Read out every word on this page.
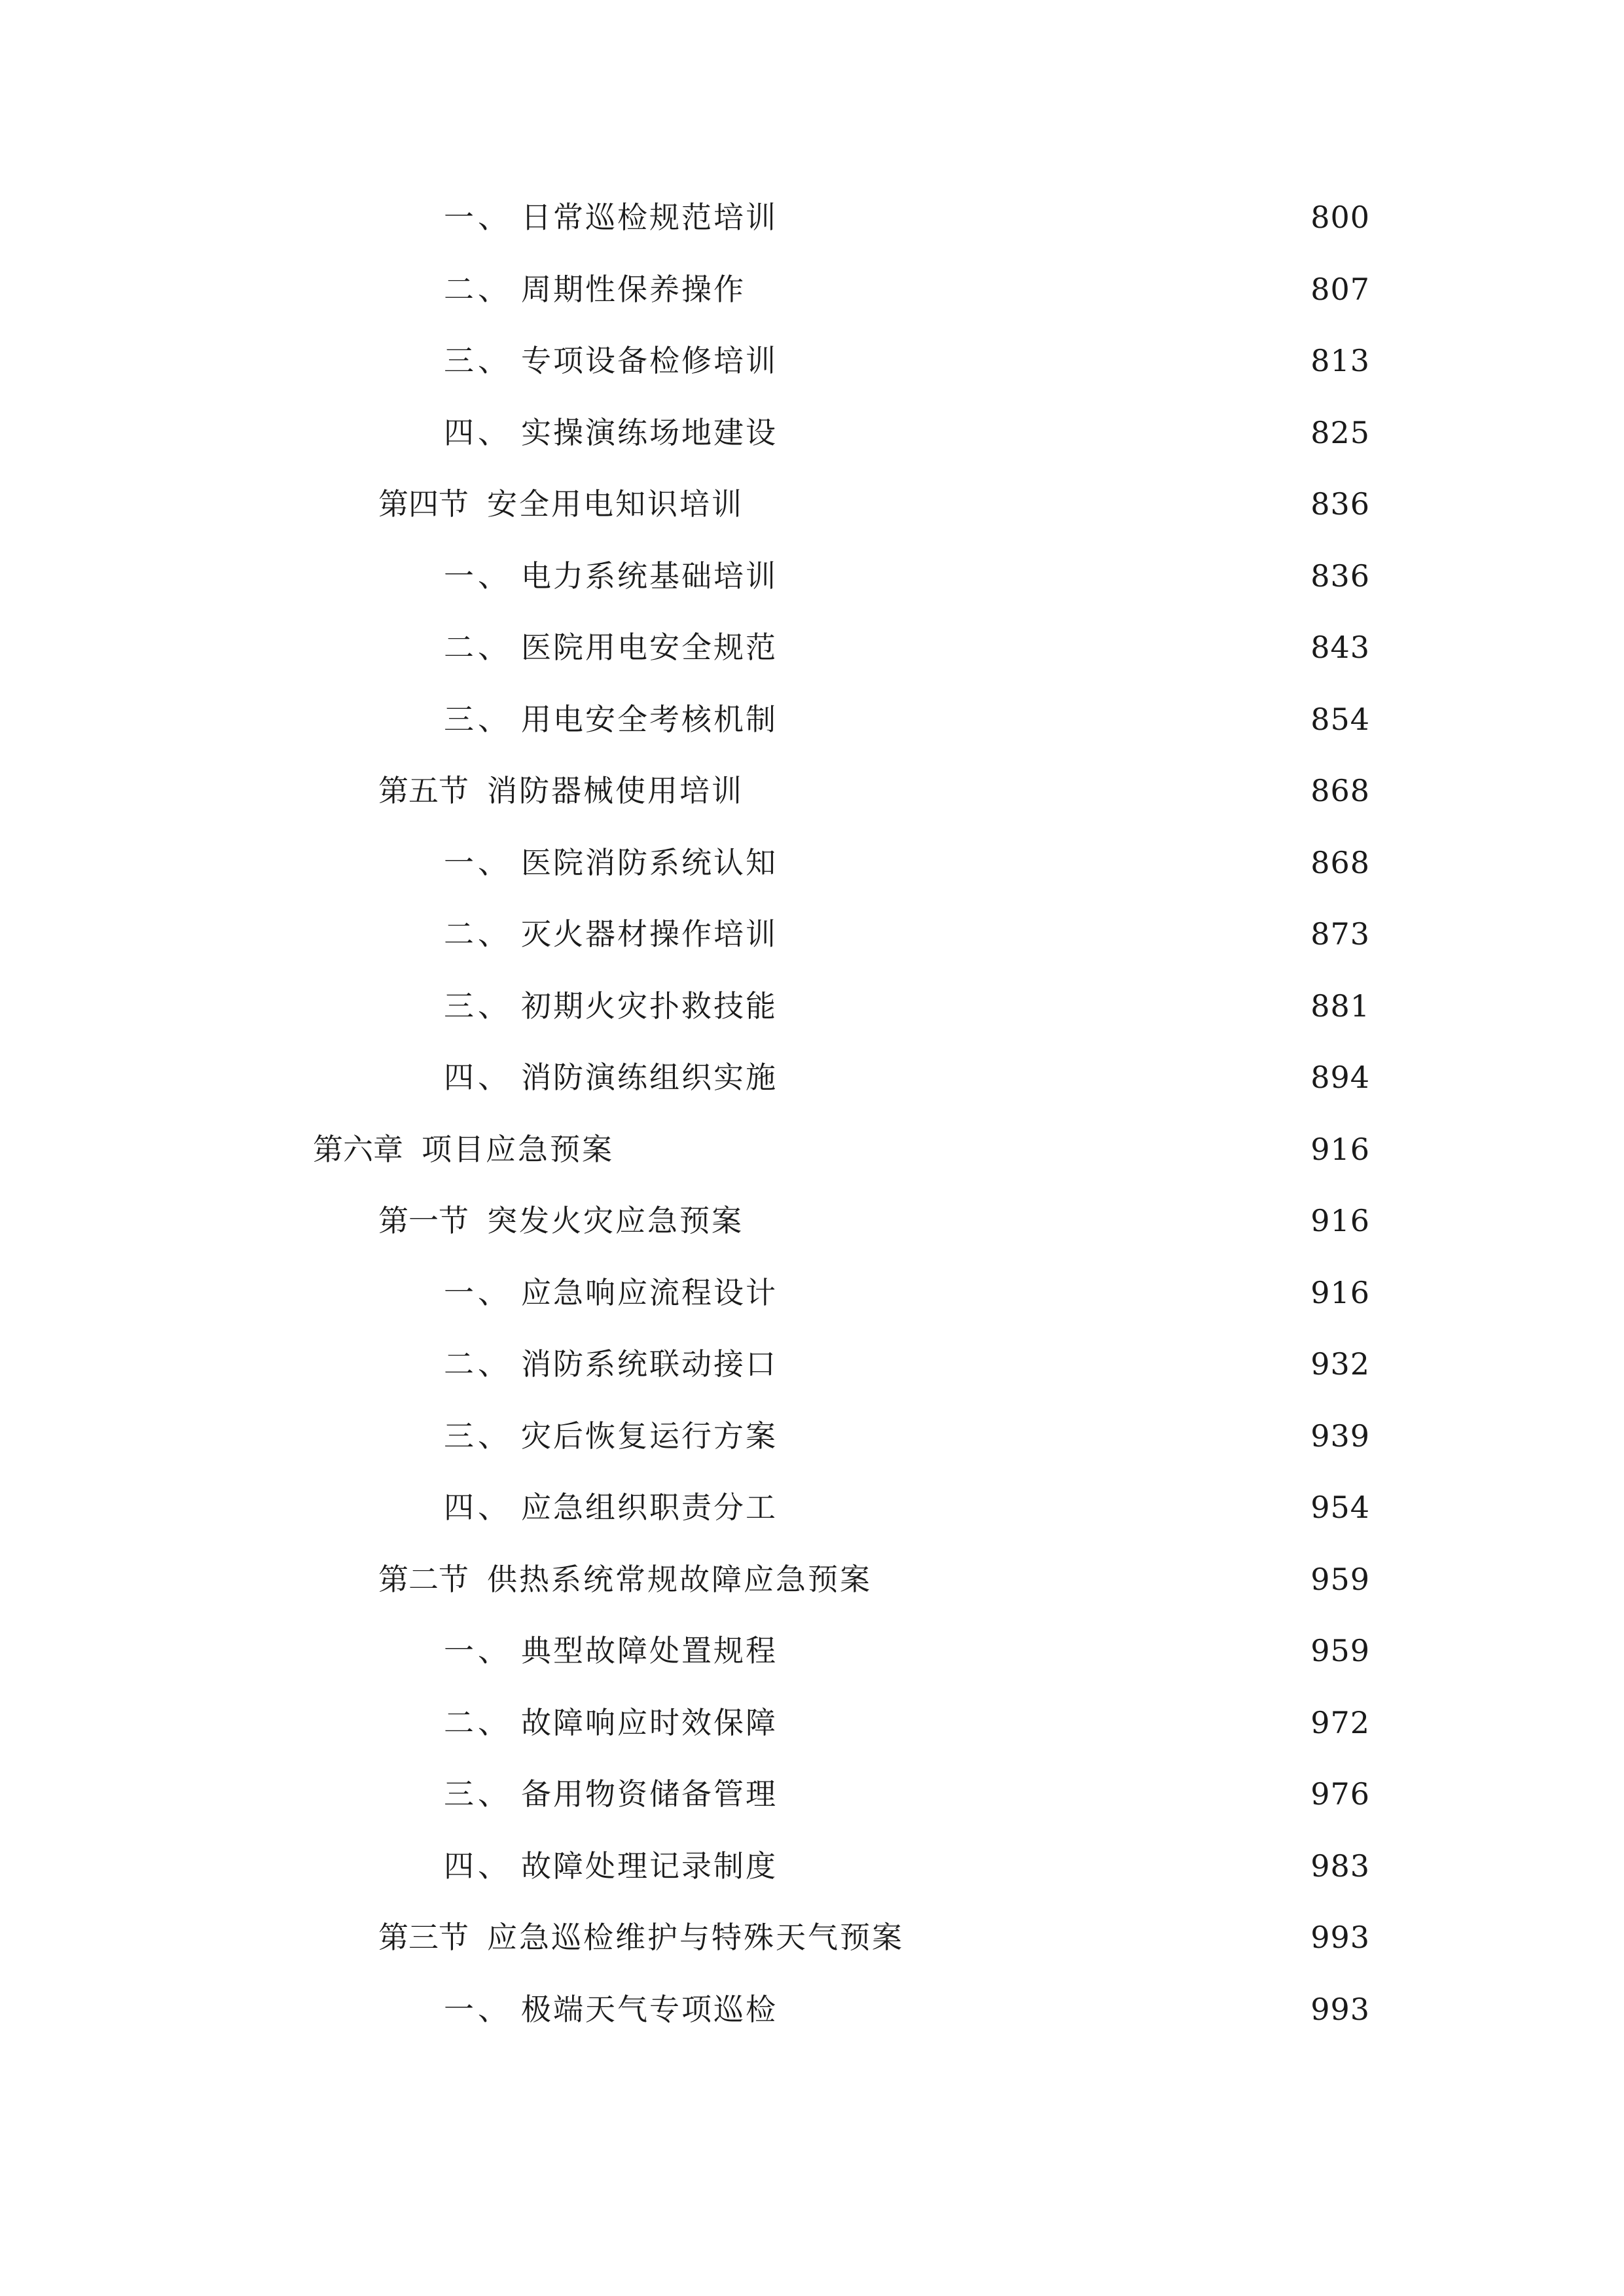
一、 日常巡检规范培训	800
二、 周期性保养操作	807
三、 专项设备检修培训	813
四、 实操演练场地建设	825
第四节 安全用电知识培训	836
一、 电力系统基础培训	836
二、 医院用电安全规范	843
三、 用电安全考核机制	854
第五节 消防器械使用培训	868
一、 医院消防系统认知	868
二、 灭火器材操作培训	873
三、 初期火灾扑救技能	881
四、 消防演练组织实施	894
第六章 项目应急预案	916
第一节 突发火灾应急预案	916
一、 应急响应流程设计	916
二、 消防系统联动接口	932
三、 灾后恢复运行方案	939
四、 应急组织职责分工	954
第二节 供热系统常规故障应急预案	959
一、 典型故障处置规程	959
二、 故障响应时效保障	972
三、 备用物资储备管理	976
四、 故障处理记录制度	983
第三节 应急巡检维护与特殊天气预案	993
一、 极端天气专项巡检	993
